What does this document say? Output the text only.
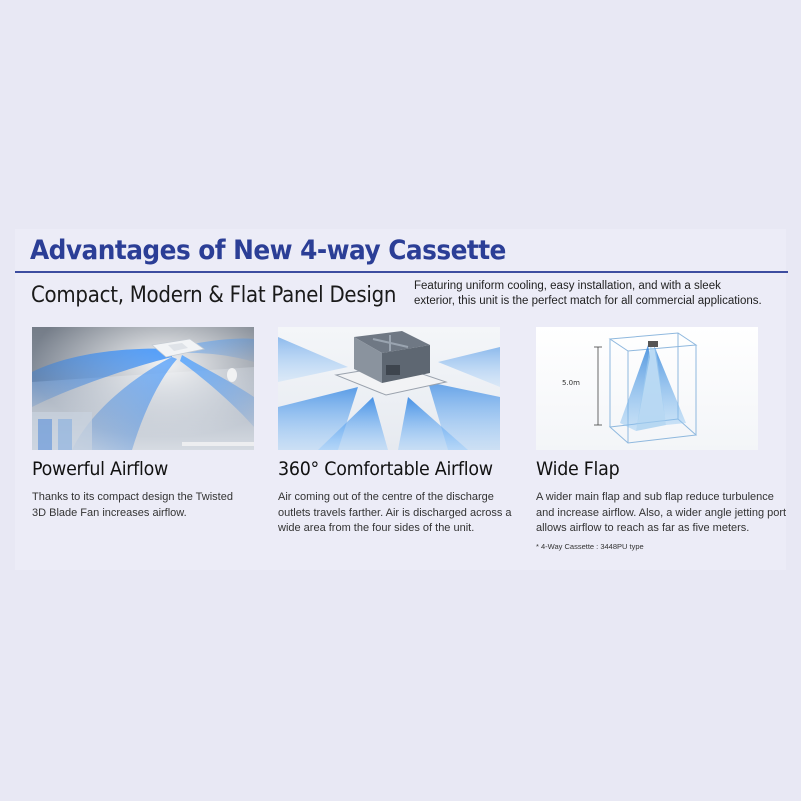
Advantages of New 4-way Cassette
Compact, Modern & Flat Panel Design Featuring uniform cooling, easy installation, and with a sleek exterior, this unit is the perfect match for all commercial applications.
Powerful Airflow
Thanks to its compact design the Twisted 3D Blade Fan increases airflow.
360° Comfortable Airflow
Air coming out of the centre of the discharge outlets travels farther. Air is discharged across a wide area from the four sides of the unit.
5.0m
Wide Flap
A wider main flap and sub flap reduce turbulence and increase airflow. Also, a wider angle jetting port allows airflow to reach as far as five meters.
* 4-Way Cassette : 3448PU type
